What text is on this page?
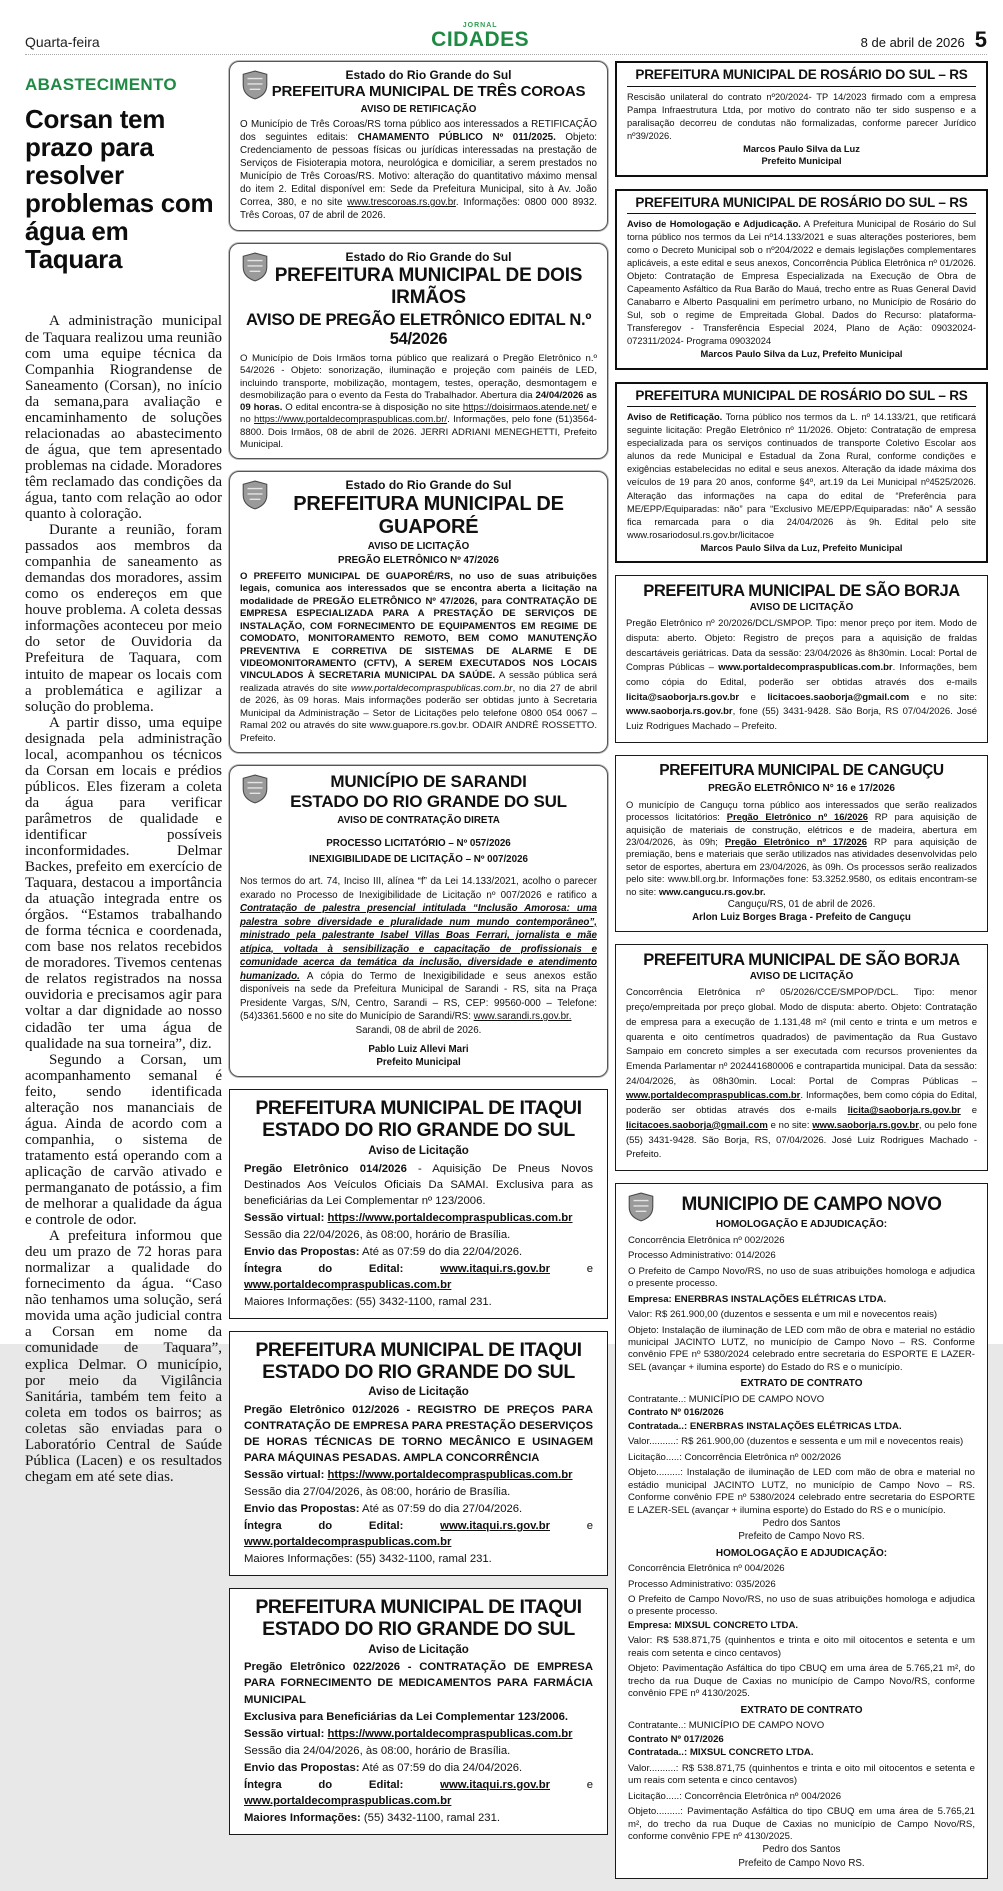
Quarta-feira
JORNAL
CIDADES	8 de abril de 2026 5
ABASTECIMENTO
Corsan tem prazo para resolver problemas com água em Taquara

A administração municipal de Taquara realizou uma reunião com uma equipe técnica da Companhia Riograndense de Saneamento (Corsan), no início da semana,para avaliação e encaminhamento de soluções relacionadas ao abastecimento de água, que tem apresentado problemas na cidade. Moradores têm reclamado das condições da água, tanto com relação ao odor quanto à coloração.

Durante a reunião, foram passados aos membros da companhia de saneamento as demandas dos moradores, assim como os endereços em que houve problema. A coleta dessas informações aconteceu por meio do setor de Ouvidoria da Prefeitura de Taquara, com intuito de mapear os locais com a problemática e agilizar a solução do problema.

A partir disso, uma equipe designada pela administração local, acompanhou os técnicos da Corsan em locais e prédios públicos. Eles fizeram a coleta da água para verificar parâmetros de qualidade e identificar possíveis inconformidades. Delmar Backes, prefeito em exercício de Taquara, destacou a importância da atuação integrada entre os órgãos. “Estamos trabalhando de forma técnica e coordenada, com base nos relatos recebidos de moradores. Tivemos centenas de relatos registrados na nossa ouvidoria e precisamos agir para voltar a dar dignidade ao nosso cidadão ter uma água de qualidade na sua torneira”, diz.

Segundo a Corsan, um acompanhamento semanal é feito, sendo identificada alteração nos mananciais de água. Ainda de acordo com a companhia, o sistema de tratamento está operando com a aplicação de carvão ativado e permanganato de potássio, a fim de melhorar a qualidade da água e controle de odor.

A prefeitura informou que deu um prazo de 72 horas para normalizar a qualidade do fornecimento da água. “Caso não tenhamos uma solução, será movida uma ação judicial contra a Corsan em nome da comunidade de Taquara”, explica Delmar. O município, por meio da Vigilância Sanitária, também tem feito a coleta em todos os bairros; as coletas são enviadas para o Laboratório Central de Saúde Pública (Lacen) e os resultados chegam em até sete dias.

Estado do Rio Grande do Sul
PREFEITURA MUNICIPAL DE TRÊS COROAS
AVISO DE RETIFICAÇÃO
O Município de Três Coroas/RS torna público aos interessados a RETIFICAÇÃO dos seguintes editais: CHAMAMENTO PÚBLICO Nº 011/2025. Objeto: Credenciamento de pessoas físicas ou jurídicas interessadas na prestação de Serviços de Fisioterapia motora, neurológica e domiciliar, a serem prestados no Município de Três Coroas/RS. Motivo: alteração do quantitativo máximo mensal do item 2. Edital disponível em: Sede da Prefeitura Municipal, sito à Av. João Correa, 380, e no site www.trescoroas.rs.gov.br. Informações: 0800 000 8932. Três Coroas, 07 de abril de 2026.
Estado do Rio Grande do Sul
PREFEITURA MUNICIPAL DE DOIS IRMÃOS
AVISO DE PREGÃO ELETRÔNICO EDITAL N.º 54/2026
O Município de Dois Irmãos torna público que realizará o Pregão Eletrônico n.º 54/2026 - Objeto: sonorização, iluminação e projeção com painéis de LED, incluindo transporte, mobilização, montagem, testes, operação, desmontagem e desmobilização para o evento da Festa do Trabalhador. Abertura dia 24/04/2026 as 09 horas. O edital encontra-se à disposição no site https://doisirmaos.atende.net/ e no https://www.portaldecompraspublicas.com.br/. Informações, pelo fone (51)3564-8800. Dois Irmãos, 08 de abril de 2026. JERRI ADRIANI MENEGHETTI, Prefeito Municipal.
Estado do Rio Grande do Sul
PREFEITURA MUNICIPAL DE GUAPORÉ
AVISO DE LICITAÇÃO
PREGÃO ELETRÔNICO Nº 47/2026
O PREFEITO MUNICIPAL DE GUAPORÉ/RS, no uso de suas atribuições legais, comunica aos interessados que se encontra aberta a licitação na modalidade de PREGÃO ELETRÔNICO Nº 47/2026, para CONTRATAÇÃO DE EMPRESA ESPECIALIZADA PARA A PRESTAÇÃO DE SERVIÇOS DE INSTALAÇÃO, COM FORNECIMENTO DE EQUIPAMENTOS EM REGIME DE COMODATO, MONITORAMENTO REMOTO, BEM COMO MANUTENÇÃO PREVENTIVA E CORRETIVA DE SISTEMAS DE ALARME E DE VIDEOMONITORAMENTO (CFTV), A SEREM EXECUTADOS NOS LOCAIS VINCULADOS À SECRETARIA MUNICIPAL DA SAÚDE. A sessão pública será realizada através do site www.portaldecompraspublicas.com.br, no dia 27 de abril de 2026, às 09 horas. Mais informações poderão ser obtidas junto à Secretaria Municipal da Administração – Setor de Licitações pelo telefone 0800 054 0067 – Ramal 202 ou através do site www.guapore.rs.gov.br. ODAIR ANDRÉ ROSSETTO. Prefeito.
MUNICÍPIO DE SARANDI
ESTADO DO RIO GRANDE DO SUL
AVISO DE CONTRATAÇÃO DIRETA
PROCESSO LICITATÓRIO – Nº 057/2026
INEXIGIBILIDADE DE LICITAÇÃO – Nº 007/2026
Nos termos do art. 74, Inciso III, alínea “f” da Lei 14.133/2021, acolho o parecer exarado no Processo de Inexigibilidade de Licitação nº 007/2026 e ratifico a Contratação de palestra presencial intitulada “Inclusão Amorosa: uma palestra sobre diversidade e pluralidade num mundo contemporâneo”, ministrado pela palestrante Isabel Villas Boas Ferrari, jornalista e mãe atípica, voltada à sensibilização e capacitação de profissionais e comunidade acerca da temática da inclusão, diversidade e atendimento humanizado. A cópia do Termo de Inexigibilidade e seus anexos estão disponíveis na sede da Prefeitura Municipal de Sarandi - RS, sita na Praça Presidente Vargas, S/N, Centro, Sarandi – RS, CEP: 99560-000 – Telefone: (54)3361.5600 e no site do Município de Sarandi/RS: www.sarandi.rs.gov.br.
Sarandi, 08 de abril de 2026.
Pablo Luiz Allevi Mari
Prefeito Municipal
PREFEITURA MUNICIPAL DE ITAQUI
ESTADO DO RIO GRANDE DO SUL
Aviso de Licitação
Pregão Eletrônico 014/2026 - Aquisição De Pneus Novos Destinados Aos Veículos Oficiais Da SAMAI. Exclusiva para as beneficiárias da Lei Complementar nº 123/2006.
Sessão virtual: https://www.portaldecompraspublicas.com.br
Sessão dia 22/04/2026, às 08:00, horário de Brasília.
Envio das Propostas: Até as 07:59 do dia 22/04/2026.
Íntegra do Edital: www.itaqui.rs.gov.br e www.portaldecompraspublicas.com.br
Maiores Informações: (55) 3432-1100, ramal 231.
PREFEITURA MUNICIPAL DE ITAQUI
ESTADO DO RIO GRANDE DO SUL
Aviso de Licitação
Pregão Eletrônico 012/2026 - REGISTRO DE PREÇOS PARA CONTRATAÇÃO DE EMPRESA PARA PRESTAÇÃO DESERVIÇOS DE HORAS TÉCNICAS DE TORNO MECÂNICO E USINAGEM PARA MÁQUINAS PESADAS. AMPLA CONCORRÊNCIA
Sessão virtual: https://www.portaldecompraspublicas.com.br
Sessão dia 27/04/2026, às 08:00, horário de Brasília.
Envio das Propostas: Até as 07:59 do dia 27/04/2026.
Íntegra do Edital: www.itaqui.rs.gov.br e www.portaldecompraspublicas.com.br
Maiores Informações: (55) 3432-1100, ramal 231.
PREFEITURA MUNICIPAL DE ITAQUI
ESTADO DO RIO GRANDE DO SUL
Aviso de Licitação
Pregão Eletrônico 022/2026 - CONTRATAÇÃO DE EMPRESA PARA FORNECIMENTO DE MEDICAMENTOS PARA FARMÁCIA MUNICIPAL
Exclusiva para Beneficiárias da Lei Complementar 123/2006.
Sessão virtual: https://www.portaldecompraspublicas.com.br
Sessão dia 24/04/2026, às 08:00, horário de Brasília.
Envio das Propostas: Até as 07:59 do dia 24/04/2026.
Íntegra do Edital: www.itaqui.rs.gov.br e www.portaldecompraspublicas.com.br
Maiores Informações: (55) 3432-1100, ramal 231.
PREFEITURA MUNICIPAL DE ROSÁRIO DO SUL – RS
Rescisão unilateral do contrato nº20/2024- TP 14/2023 firmado com a empresa Pampa Infraestrutura Ltda, por motivo do contrato não ter sido suspenso e a paralisação decorreu de condutas não formalizadas, conforme parecer Jurídico nº39/2026.
Marcos Paulo Silva da Luz
Prefeito Municipal
PREFEITURA MUNICIPAL DE ROSÁRIO DO SUL – RS
Aviso de Homologação e Adjudicação. A Prefeitura Municipal de Rosário do Sul torna público nos termos da Lei nº14.133/2021 e suas alterações posteriores, bem como o Decreto Municipal sob o nº204/2022 e demais legislações complementares aplicáveis, a este edital e seus anexos, Concorrência Pública Eletrônica nº 01/2026. Objeto: Contratação de Empresa Especializada na Execução de Obra de Capeamento Asfáltico da Rua Barão do Mauá, trecho entre as Ruas General David Canabarro e Alberto Pasqualini em perímetro urbano, no Município de Rosário do Sul, sob o regime de Empreitada Global. Dados do Recurso: plataforma-Transferegov - Transferência Especial 2024, Plano de Ação: 09032024-072311/2024- Programa 09032024
Marcos Paulo Silva da Luz, Prefeito Municipal
PREFEITURA MUNICIPAL DE ROSÁRIO DO SUL – RS
Aviso de Retificação. Torna público nos termos da L. nº 14.133/21, que retificará seguinte licitação: Pregão Eletrônico nº 11/2026. Objeto: Contratação de empresa especializada para os serviços continuados de transporte Coletivo Escolar aos alunos da rede Municipal e Estadual da Zona Rural, conforme condições e exigências estabelecidas no edital e seus anexos. Alteração da idade máxima dos veículos de 19 para 20 anos, conforme §4º, art.19 da Lei Municipal nº4525/2026. Alteração das informações na capa do edital de “Preferência para ME/EPP/Equiparadas: não” para “Exclusivo ME/EPP/Equiparadas: não” A sessão fica remarcada para o dia 24/04/2026 às 9h. Edital pelo site www.rosariodosul.rs.gov.br/licitacoe
Marcos Paulo Silva da Luz, Prefeito Municipal
PREFEITURA MUNICIPAL DE SÃO BORJA
AVISO DE LICITAÇÃO
Pregão Eletrônico nº 20/2026/DCL/SMPOP. Tipo: menor preço por item. Modo de disputa: aberto. Objeto: Registro de preços para a aquisição de fraldas descartáveis geriátricas. Data da sessão: 23/04/2026 às 8h30min. Local: Portal de Compras Públicas – www.portaldecompraspublicas.com.br. Informações, bem como cópia do Edital, poderão ser obtidas através dos e-mails licita@saoborja.rs.gov.br e licitacoes.saoborja@gmail.com e no site: www.saoborja.rs.gov.br, fone (55) 3431-9428. São Borja, RS 07/04/2026. José Luiz Rodrigues Machado – Prefeito.
PREFEITURA MUNICIPAL DE CANGUÇU
PREGÃO ELETRÔNICO N° 16 e 17/2026
O município de Canguçu torna público aos interessados que serão realizados processos licitatórios: Pregão Eletrônico nº 16/2026 RP para aquisição de aquisição de materiais de construção, elétricos e de madeira, abertura em 23/04/2026, às 09h; Pregão Eletrônico nº 17/2026 RP para aquisição de premiação, bens e materiais que serão utilizados nas atividades desenvolvidas pelo setor de esportes, abertura em 23/04/2026, às 09h. Os processos serão realizados pelo site: www.bll.org.br. Informações fone: 53.3252.9580, os editais encontram-se no site: www.cangucu.rs.gov.br.
Canguçu/RS, 01 de abril de 2026.
Arlon Luiz Borges Braga - Prefeito de Canguçu
PREFEITURA MUNICIPAL DE SÃO BORJA
AVISO DE LICITAÇÃO
Concorrência Eletrônica nº 05/2026/CCE/SMPOP/DCL. Tipo: menor preço/empreitada por preço global. Modo de disputa: aberto. Objeto: Contratação de empresa para a execução de 1.131,48 m² (mil cento e trinta e um metros e quarenta e oito centímetros quadrados) de pavimentação da Rua Gustavo Sampaio em concreto simples a ser executada com recursos provenientes da Emenda Parlamentar nº 202441680006 e contrapartida municipal. Data da sessão: 24/04/2026, às 08h30min. Local: Portal de Compras Públicas – www.portaldecompraspublicas.com.br. Informações, bem como cópia do Edital, poderão ser obtidas através dos e-mails licita@saoborja.rs.gov.br e licitacoes.saoborja@gmail.com e no site: www.saoborja.rs.gov.br, ou pelo fone (55) 3431-9428. São Borja, RS, 07/04/2026. José Luiz Rodrigues Machado - Prefeito.
MUNICIPIO DE CAMPO NOVO
HOMOLOGAÇÃO E ADJUDICAÇÃO:
Concorrência Eletrônica nº 002/2026
Processo Administrativo: 014/2026
O Prefeito de Campo Novo/RS, no uso de suas atribuições homologa e adjudica o presente processo.
Empresa: ENERBRAS INSTALAÇÕES ELÉTRICAS LTDA.
Valor: R$ 261.900,00 (duzentos e sessenta e um mil e novecentos reais)
Objeto: Instalação de iluminação de LED com mão de obra e material no estádio municipal JACINTO LUTZ, no município de Campo Novo – RS. Conforme convênio FPE nº 5380/2024 celebrado entre secretaria do ESPORTE E LAZER-SEL (avançar + ilumina esporte) do Estado do RS e o município.
EXTRATO DE CONTRATO
Contratante..: MUNICÍPIO DE CAMPO NOVO
Contrato Nº 016/2026
Contratada..: ENERBRAS INSTALAÇÕES ELÉTRICAS LTDA.
Valor..........: R$ 261.900,00 (duzentos e sessenta e um mil e novecentos reais)
Licitação.....: Concorrência Eletrônica nº 002/2026
Objeto.........: Instalação de iluminação de LED com mão de obra e material no estádio municipal JACINTO LUTZ, no município de Campo Novo – RS. Conforme convênio FPE nº 5380/2024 celebrado entre secretaria do ESPORTE E LAZER-SEL (avançar + ilumina esporte) do Estado do RS e o município.
Pedro dos Santos
Prefeito de Campo Novo RS.
HOMOLOGAÇÃO E ADJUDICAÇÃO:
Concorrência Eletrônica nº 004/2026
Processo Administrativo: 035/2026
O Prefeito de Campo Novo/RS, no uso de suas atribuições homologa e adjudica o presente processo.
Empresa: MIXSUL CONCRETO LTDA.
Valor: R$ 538.871,75 (quinhentos e trinta e oito mil oitocentos e setenta e um reais com setenta e cinco centavos)
Objeto: Pavimentação Asfáltica do tipo CBUQ em uma área de 5.765,21 m², do trecho da rua Duque de Caxias no município de Campo Novo/RS, conforme convênio FPE nº 4130/2025.
EXTRATO DE CONTRATO
Contratante..: MUNICÍPIO DE CAMPO NOVO
Contrato Nº 017/2026
Contratada..: MIXSUL CONCRETO LTDA.
Valor..........: R$ 538.871,75 (quinhentos e trinta e oito mil oitocentos e setenta e um reais com setenta e cinco centavos)
Licitação.....: Concorrência Eletrônica nº 004/2026
Objeto.........: Pavimentação Asfáltica do tipo CBUQ em uma área de 5.765,21 m², do trecho da rua Duque de Caxias no município de Campo Novo/RS, conforme convênio FPE nº 4130/2025.
Pedro dos Santos
Prefeito de Campo Novo RS.
